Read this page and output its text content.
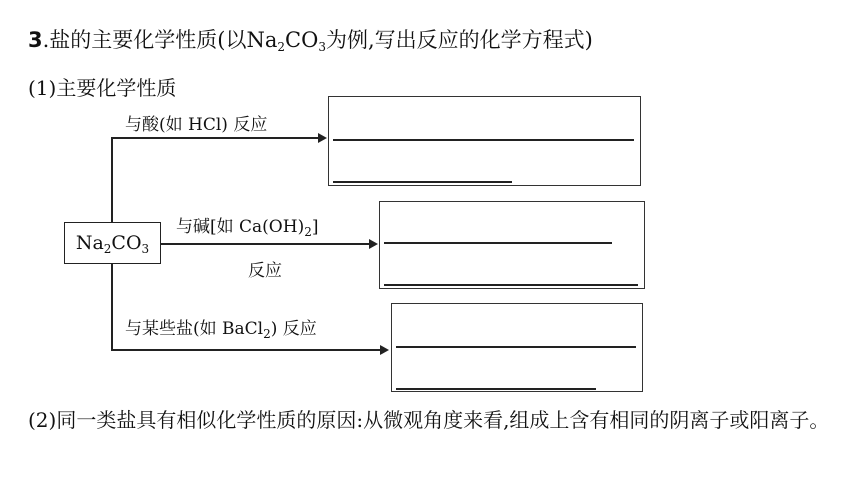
3.盐的主要化学性质(以$Na_2CO_3$为例,写出反应的化学方程式)
(1)主要化学性质
$Na_2CO_3$
与酸(如 HCl) 反应
与碱[如 $Ca(OH)_2$]
反应
与某些盐(如 BaCl$_2$) 反应
(2)同一类盐具有相似化学性质的原因:从微观角度来看,组成上含有相同的阴离子或阳离子。
